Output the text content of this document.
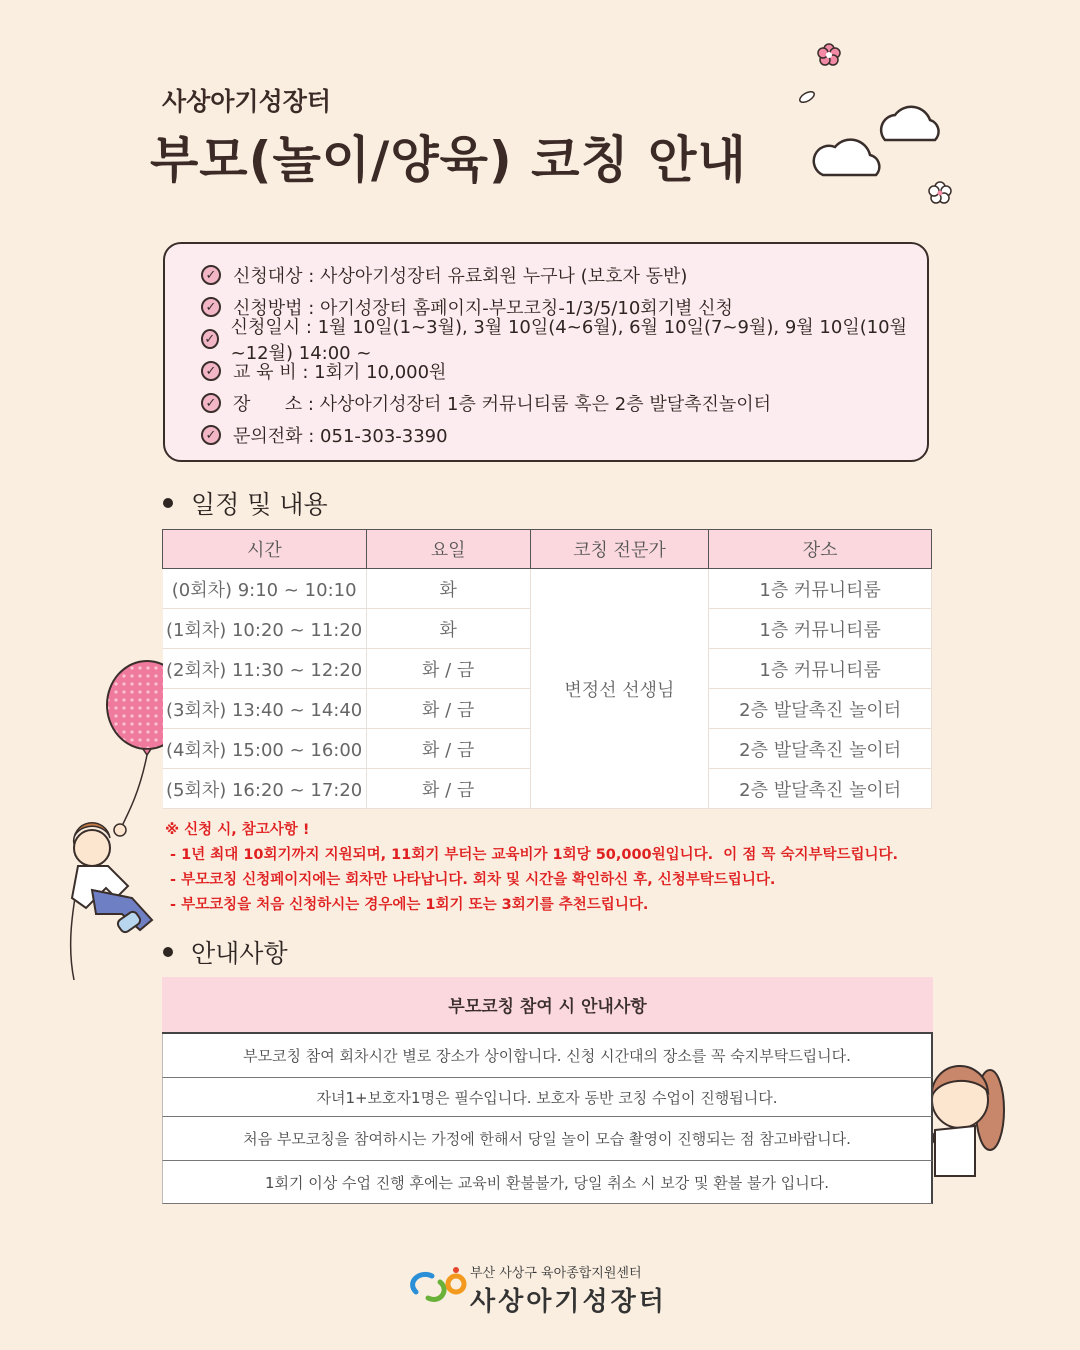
사상아기성장터
부모(놀이/양육) 코칭 안내
✓ 신청대상 : 사상아기성장터 유료회원 누구나 (보호자 동반)
✓ 신청방법 : 아기성장터 홈페이지-부모코칭-1/3/5/10회기별 신청
✓
신청일시 : 1월 10일(1~3월), 3월 10일(4~6월), 6월 10일(7~9월), 9월 10일(10월~12월) 14:00 ~
✓ 교 육 비 : 1회기 10,000원
✓ 장      소 : 사상아기성장터 1층 커뮤니티룸 혹은 2층 발달촉진놀이터
✓ 문의전화 : 051-303-3390
일정 및 내용
시간	요일	코칭 전문가	장소
(0회차) 9:10 ~ 10:10	화	변정선 선생님	1층 커뮤니티룸
(1회차) 10:20 ~ 11:20	화		1층 커뮤니티룸
(2회차) 11:30 ~ 12:20	화 / 금		1층 커뮤니티룸
(3회차) 13:40 ~ 14:40	화 / 금		2층 발달촉진 놀이터
(4회차) 15:00 ~ 16:00	화 / 금		2층 발달촉진 놀이터
(5회차) 16:20 ~ 17:20	화 / 금		2층 발달촉진 놀이터
※ 신청 시, 참고사항 !
- 1년 최대 10회기까지 지원되며, 11회기 부터는 교육비가 1회당 50,000원입니다.  이 점 꼭 숙지부탁드립니다.
- 부모코칭 신청페이지에는 회차만 나타납니다. 회차 및 시간을 확인하신 후, 신청부탁드립니다.
- 부모코칭을 처음 신청하시는 경우에는 1회기 또는 3회기를 추천드립니다.
안내사항
부모코칭 참여 시 안내사항
부모코칭 참여 회차시간 별로 장소가 상이합니다. 신청 시간대의 장소를 꼭 숙지부탁드립니다.
자녀1+보호자1명은 필수입니다. 보호자 동반 코칭 수업이 진행됩니다.
처음 부모코칭을 참여하시는 가정에 한해서 당일 놀이 모습 촬영이 진행되는 점 참고바랍니다.
1회기 이상 수업 진행 후에는 교육비 환불불가, 당일 취소 시 보강 및 환불 불가 입니다.
부산 사상구 육아종합지원센터
사상아기성장터
